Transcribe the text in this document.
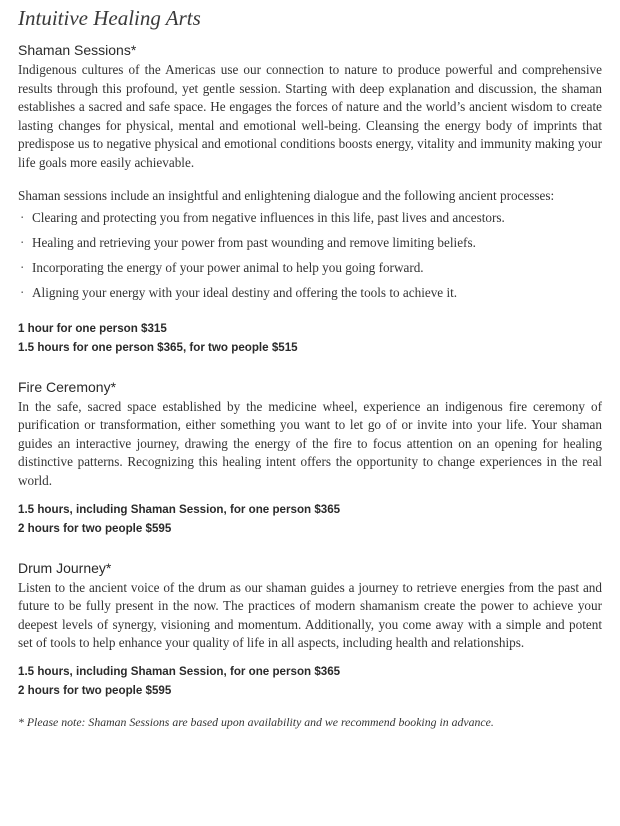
Intuitive Healing Arts
Shaman Sessions*

Indigenous cultures of the Americas use our connection to nature to produce powerful and comprehensive results through this profound, yet gentle session. Starting with deep explanation and discussion, the shaman establishes a sacred and safe space. He engages the forces of nature and the world’s ancient wisdom to create lasting changes for physical, mental and emotional well-being. Cleansing the energy body of imprints that predispose us to negative physical and emotional conditions boosts energy, vitality and immunity making your life goals more easily achievable.

Shaman sessions include an insightful and enlightening dialogue and the following ancient processes:

· Clearing and protecting you from negative influences in this life, past lives and ancestors.
· Healing and retrieving your power from past wounding and remove limiting beliefs.
· Incorporating the energy of your power animal to help you going forward.
· Aligning your energy with your ideal destiny and offering the tools to achieve it.

1 hour for one person $315

1.5 hours for one person $365, for two people $515

Fire Ceremony*

In the safe, sacred space established by the medicine wheel, experience an indigenous fire ceremony of purification or transformation, either something you want to let go of or invite into your life. Your shaman guides an interactive journey, drawing the energy of the fire to focus attention on an opening for healing distinctive patterns. Recognizing this healing intent offers the opportunity to change experiences in the real world.

1.5 hours, including Shaman Session, for one person $365

2 hours for two people $595

Drum Journey*

Listen to the ancient voice of the drum as our shaman guides a journey to retrieve energies from the past and future to be fully present in the now. The practices of modern shamanism create the power to achieve your deepest levels of synergy, visioning and momentum. Additionally, you come away with a simple and potent set of tools to help enhance your quality of life in all aspects, including health and relationships.

1.5 hours, including Shaman Session, for one person $365

2 hours for two people $595

* Please note: Shaman Sessions are based upon availability and we recommend booking in advance.
